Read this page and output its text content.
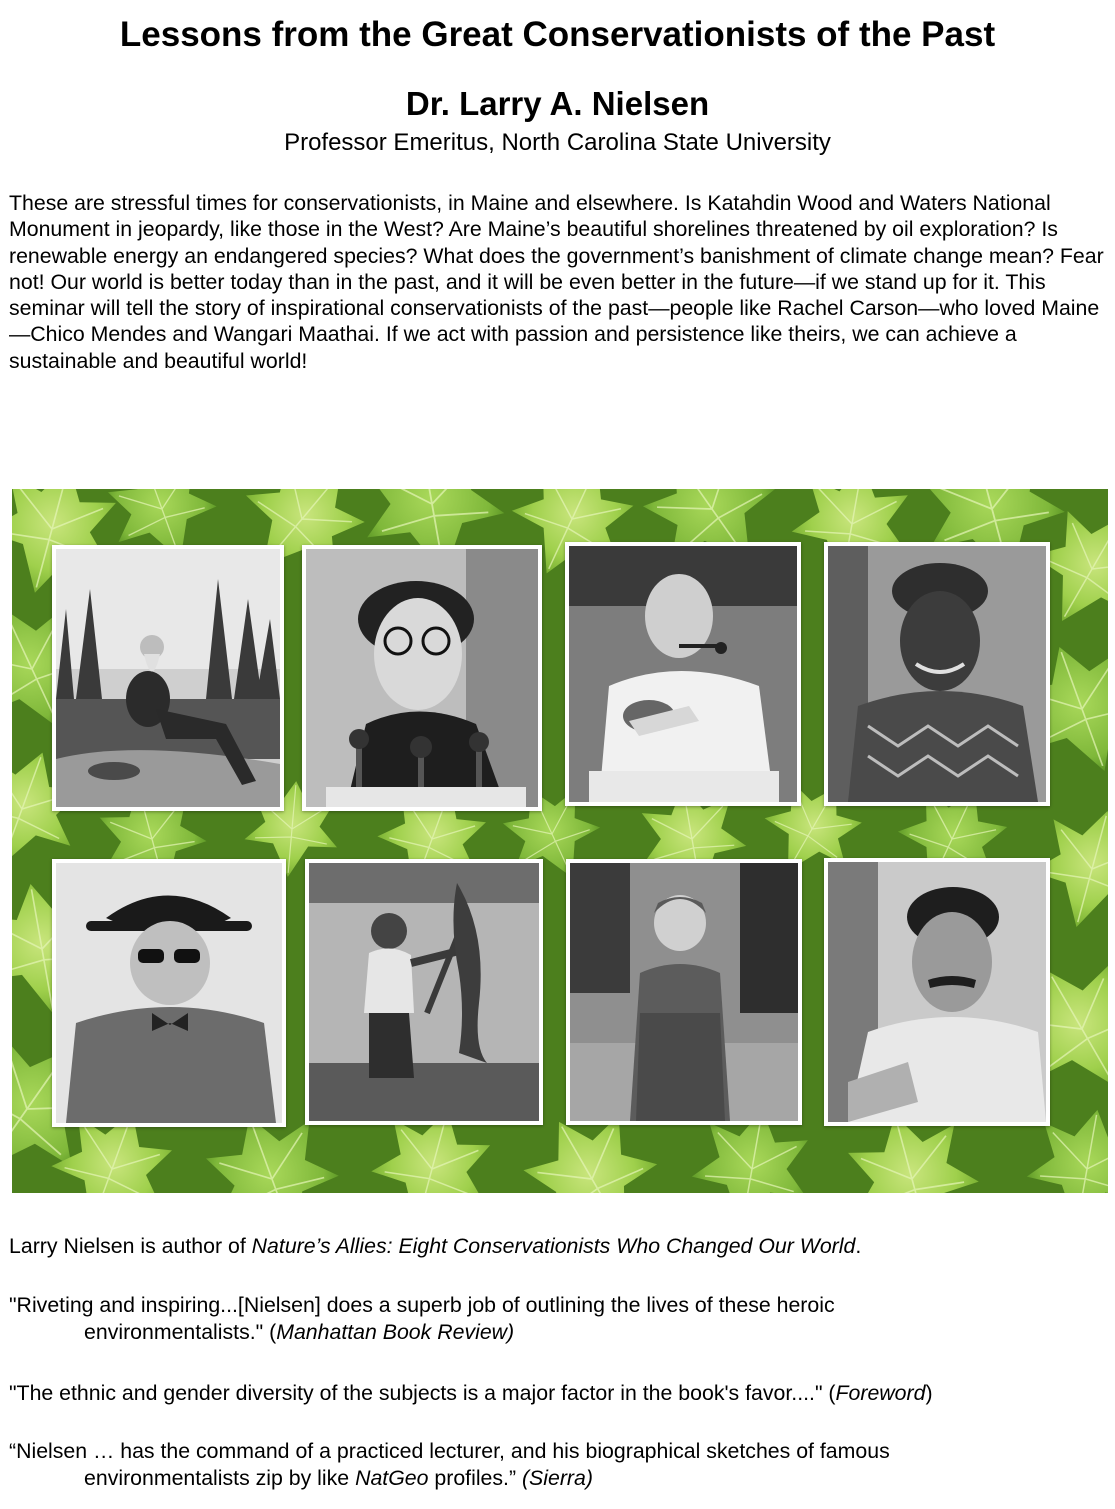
Lessons from the Great Conservationists of the Past
Dr. Larry A. Nielsen
Professor Emeritus, North Carolina State University

These are stressful times for conservationists, in Maine and elsewhere. Is Katahdin Wood and Waters National Monument in jeopardy, like those in the West? Are Maine’s beautiful shorelines threatened by oil exploration? Is renewable energy an endangered species? What does the government’s banishment of climate change mean? Fear not! Our world is better today than in the past, and it will be even better in the future—if we stand up for it. This seminar will tell the story of inspirational conservationists of the past—people like Rachel Carson—who loved Maine—Chico Mendes and Wangari Maathai. If we act with passion and persistence like theirs, we can achieve a sustainable and beautiful world!

Larry Nielsen is author of Nature’s Allies: Eight Conservationists Who Changed Our World.

"Riveting and inspiring...[Nielsen] does a superb job of outlining the lives of these heroic
environmentalists." (Manhattan Book Review)

"The ethnic and gender diversity of the subjects is a major factor in the book's favor...." (Foreword)

“Nielsen … has the command of a practiced lecturer, and his biographical sketches of famous
environmentalists zip by like NatGeo profiles.” (Sierra)
